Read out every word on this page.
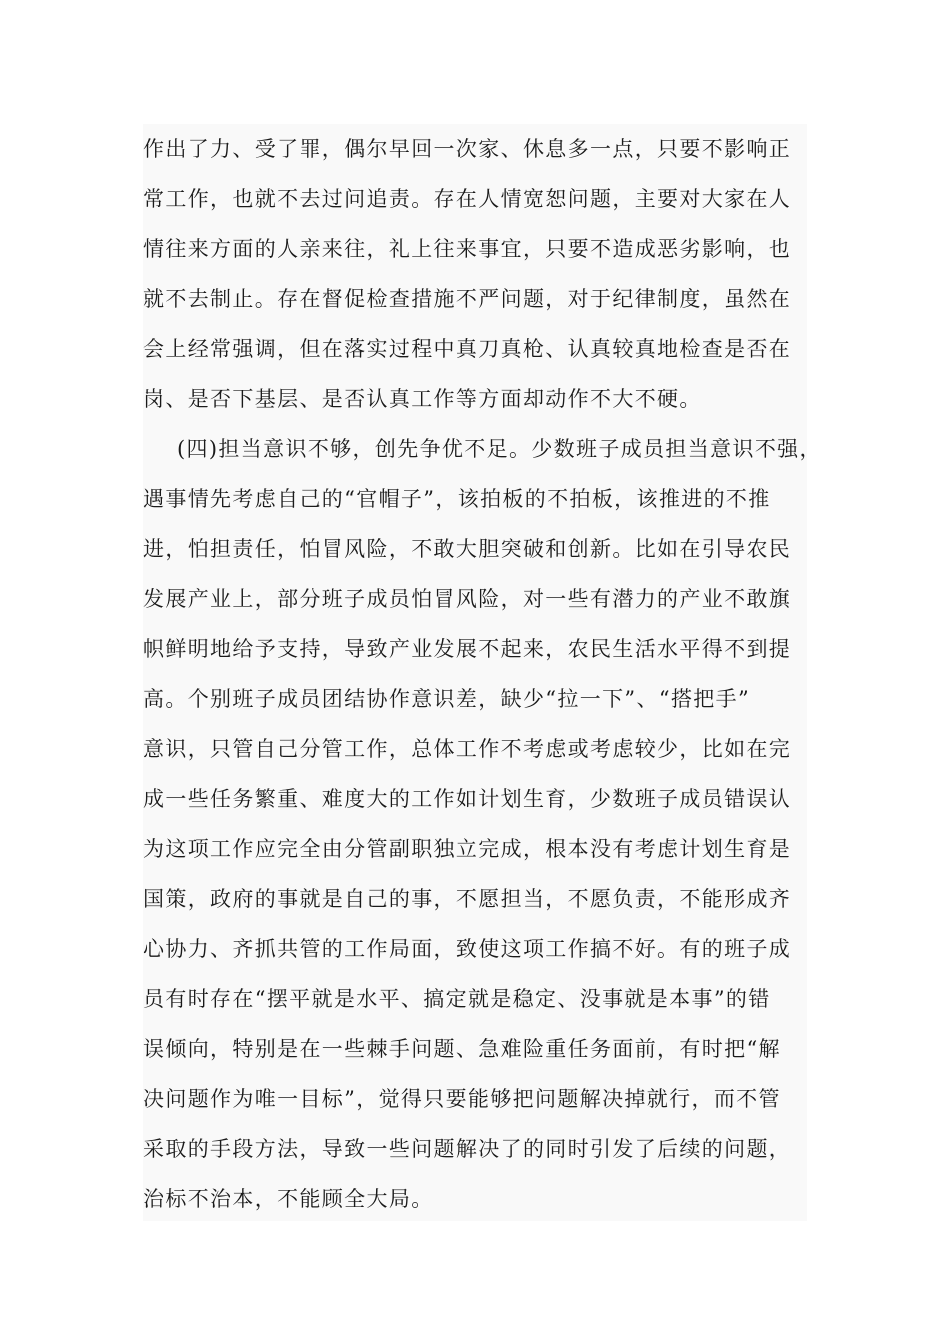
作出了力、受了罪，偶尔早回一次家、休息多一点，只要不影响正
常工作，也就不去过问追责。存在人情宽恕问题，主要对大家在人
情往来方面的人亲来往，礼上往来事宜，只要不造成恶劣影响，也
就不去制止。存在督促检查措施不严问题，对于纪律制度，虽然在
会上经常强调，但在落实过程中真刀真枪、认真较真地检查是否在
岗、是否下基层、是否认真工作等方面却动作不大不硬。
(四)担当意识不够，创先争优不足。少数班子成员担当意识不强，
遇事情先考虑自己的“官帽子”，该拍板的不拍板，该推进的不推
进，怕担责任，怕冒风险，不敢大胆突破和创新。比如在引导农民
发展产业上，部分班子成员怕冒风险，对一些有潜力的产业不敢旗
帜鲜明地给予支持，导致产业发展不起来，农民生活水平得不到提
高。个别班子成员团结协作意识差，缺少“拉一下”、“搭把手”
意识，只管自己分管工作，总体工作不考虑或考虑较少，比如在完
成一些任务繁重、难度大的工作如计划生育，少数班子成员错误认
为这项工作应完全由分管副职独立完成，根本没有考虑计划生育是
国策，政府的事就是自己的事，不愿担当，不愿负责，不能形成齐
心协力、齐抓共管的工作局面，致使这项工作搞不好。有的班子成
员有时存在“摆平就是水平、搞定就是稳定、没事就是本事”的错
误倾向，特别是在一些棘手问题、急难险重任务面前，有时把“解
决问题作为唯一目标”，觉得只要能够把问题解决掉就行，而不管
采取的手段方法，导致一些问题解决了的同时引发了后续的问题，
治标不治本，不能顾全大局。
